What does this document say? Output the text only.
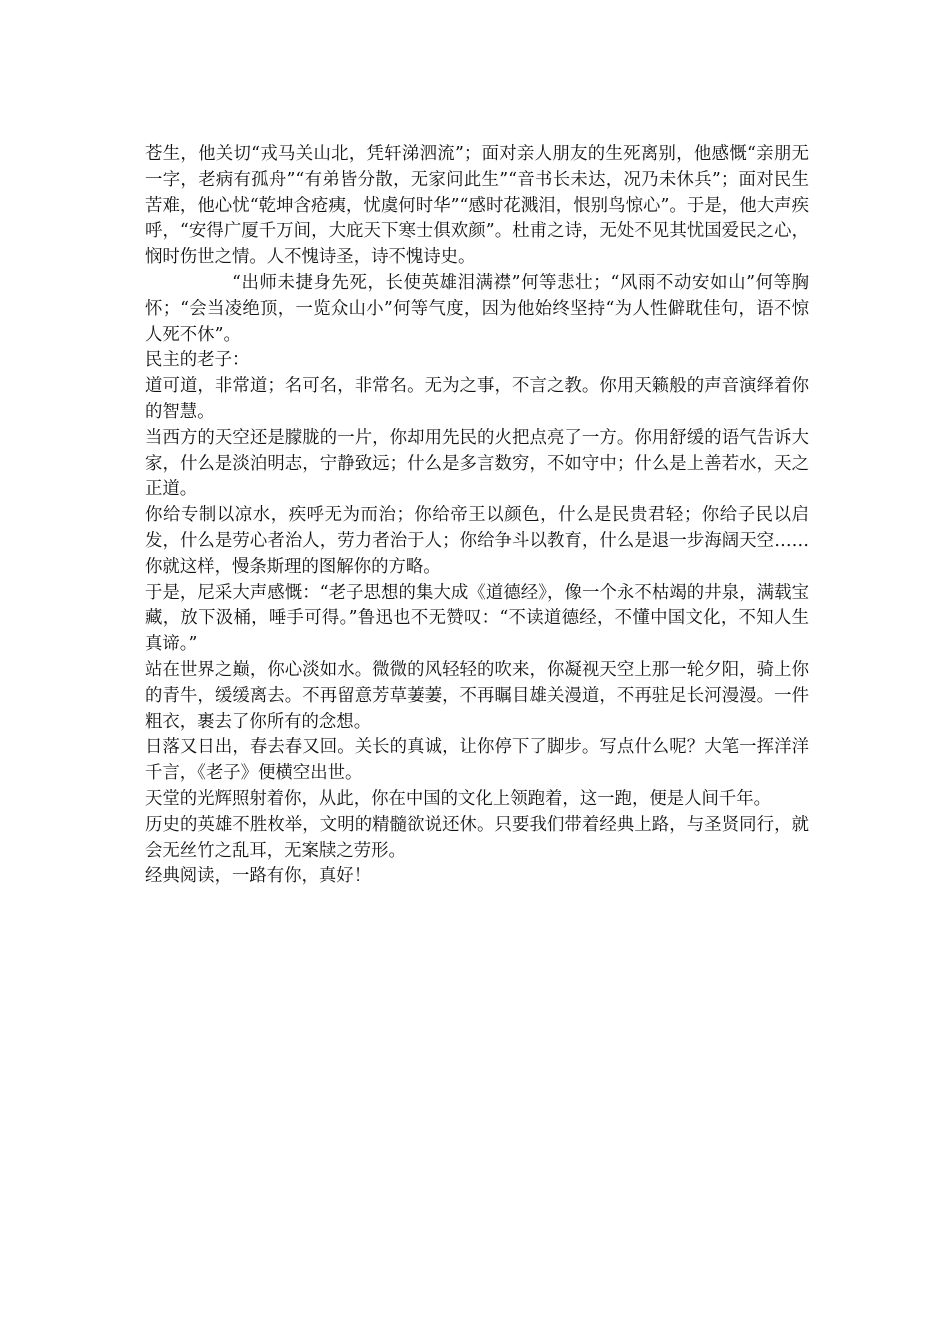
苍生，他关切“戎马关山北，凭轩涕泗流”；面对亲人朋友的生死离别，他感慨“亲朋无一字，老病有孤舟”“有弟皆分散，无家问此生”“音书长未达，况乃未休兵”；面对民生苦难，他心忧“乾坤含疮痍，忧虞何时华”“感时花溅泪，恨别鸟惊心”。于是，他大声疾呼，“安得广厦千万间，大庇天下寒士俱欢颜”。杜甫之诗，无处不见其忧国爱民之心，悯时伤世之情。人不愧诗圣，诗不愧诗史。

“出师未捷身先死，长使英雄泪满襟”何等悲壮；“风雨不动安如山”何等胸怀；“会当凌绝顶，一览众山小”何等气度，因为他始终坚持“为人性僻耽佳句，语不惊人死不休”。

民主的老子：

道可道，非常道；名可名，非常名。无为之事，不言之教。你用天籁般的声音演绎着你的智慧。

当西方的天空还是朦胧的一片，你却用先民的火把点亮了一方。你用舒缓的语气告诉大家，什么是淡泊明志，宁静致远；什么是多言数穷，不如守中；什么是上善若水，天之正道。

你给专制以凉水，疾呼无为而治；你给帝王以颜色，什么是民贵君轻；你给子民以启发，什么是劳心者治人，劳力者治于人；你给争斗以教育，什么是退一步海阔天空……你就这样，慢条斯理的图解你的方略。

于是，尼采大声感慨：“老子思想的集大成《道德经》，像一个永不枯竭的井泉，满载宝藏，放下汲桶，唾手可得。”鲁迅也不无赞叹：“不读道德经，不懂中国文化，不知人生真谛。”

站在世界之巅，你心淡如水。微微的风轻轻的吹来，你凝视天空上那一轮夕阳，骑上你的青牛，缓缓离去。不再留意芳草萋萋，不再瞩目雄关漫道，不再驻足长河漫漫。一件粗衣，裹去了你所有的念想。

日落又日出，春去春又回。关长的真诚，让你停下了脚步。写点什么呢？大笔一挥洋洋千言，《老子》便横空出世。

天堂的光辉照射着你，从此，你在中国的文化上领跑着，这一跑，便是人间千年。

历史的英雄不胜枚举，文明的精髓欲说还休。只要我们带着经典上路，与圣贤同行，就会无丝竹之乱耳，无案牍之劳形。

经典阅读，一路有你，真好！
